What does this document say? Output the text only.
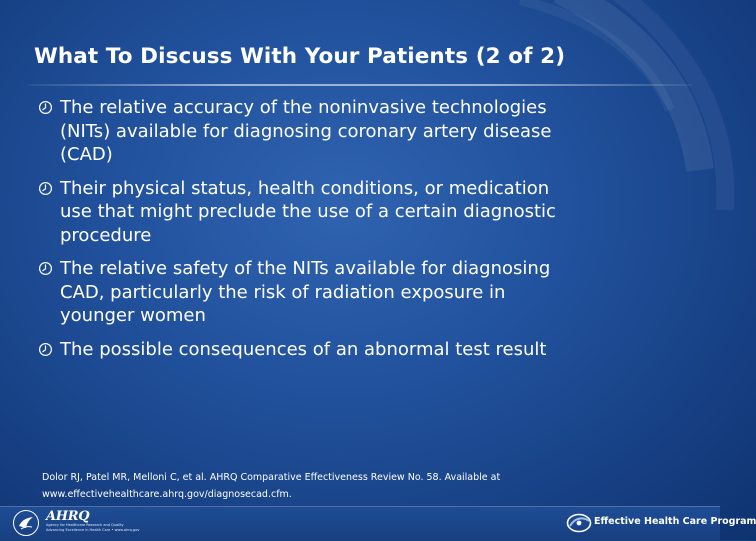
What To Discuss With Your Patients (2 of 2)
The relative accuracy of the noninvasive technologies
(NITs) available for diagnosing coronary artery disease
(CAD)
Their physical status, health conditions, or medication
use that might preclude the use of a certain diagnostic
procedure
The relative safety of the NITs available for diagnosing
CAD, particularly the risk of radiation exposure in
younger women
The possible consequences of an abnormal test result
Dolor RJ, Patel MR, Melloni C, et al. AHRQ Comparative Effectiveness Review No. 58. Available at
www.effectivehealthcare.ahrq.gov/diagnosecad.cfm.
AHRQ
Agency for Healthcare Research and Quality
Advancing Excellence in Health Care • www.ahrq.gov
Effective Health Care Program
